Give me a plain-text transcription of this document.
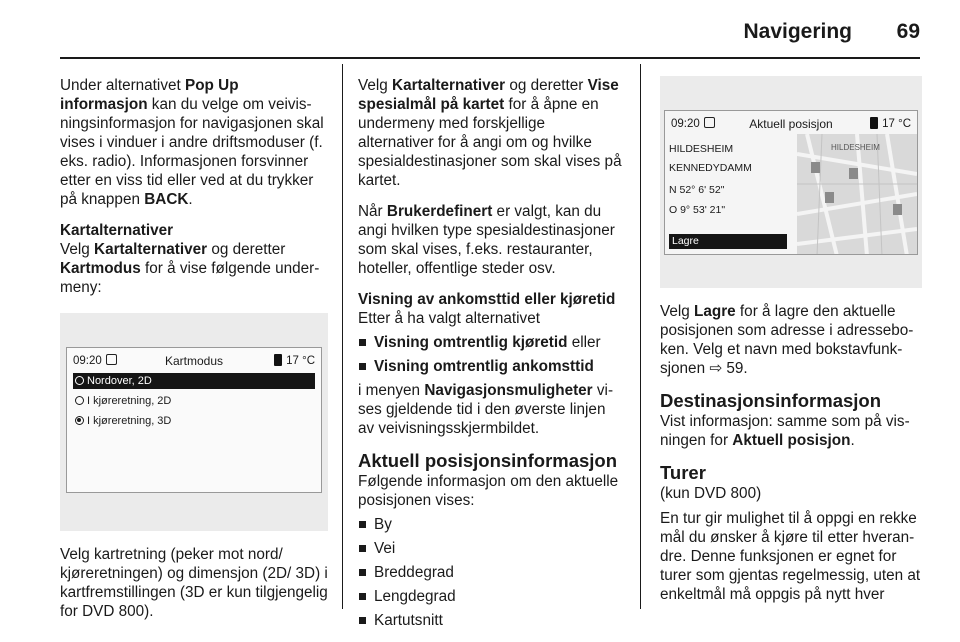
Navigering 69

Under alternativet Pop Up informasjon kan du velge om veivisningsinformasjon for navigasjonen skal vises i vinduer i andre driftsmoduser (f. eks. radio). Informasjonen forsvinner etter en viss tid eller ved at du trykker på knappen BACK.

Kartalternativer

Velg Kartalternativer og deretter Kartmodus for å vise følgende undermeny:

09:20	Kartmodus	17 °C
Nordover, 2D
I kjøreretning, 2D
I kjøreretning, 3D

Velg kartretning (peker mot nord/ kjøreretningen) og dimensjon (2D/ 3D) i kartfremstillingen (3D er kun tilgjengelig for DVD 800).

Velg Kartalternativer og deretter Vise spesialmål på kartet for å åpne en undermeny med forskjellige alternativer for å angi om og hvilke spesialdestinasjoner som skal vises på kartet.

Når Brukerdefinert er valgt, kan du angi hvilken type spesialdestinasjoner som skal vises, f.eks. restauranter, hoteller, offentlige steder osv.

Visning av ankomsttid eller kjøretid
Etter å ha valgt alternativet
Visning omtrentlig kjøretid eller
Visning omtrentlig ankomsttid

i menyen Navigasjonsmuligheter vises gjeldende tid i den øverste linjen av veivisningsskjermbildet.

Aktuell posisjonsinformasjon
Følgende informasjon om den aktuelle posisjonen vises:
By
Vei
Breddegrad
Lengdegrad
Kartutsnitt
09:20	Aktuell posisjon	17 °C
HILDESHEIM
KENNEDYDAMM
N 52° 6' 52"
O 9° 53' 21"
Lagre
HILDESHEIM

Velg Lagre for å lagre den aktuelle posisjonen som adresse i adresseboken. Velg et navn med bokstavfunksjonen ⇨ 59.

Destinasjonsinformasjon

Vist informasjon: samme som på visningen for Aktuell posisjon.

Turer
(kun DVD 800)

En tur gir mulighet til å oppgi en rekke mål du ønsker å kjøre til etter hverandre. Denne funksjonen er egnet for turer som gjentas regelmessig, uten at enkeltmål må oppgis på nytt hver
